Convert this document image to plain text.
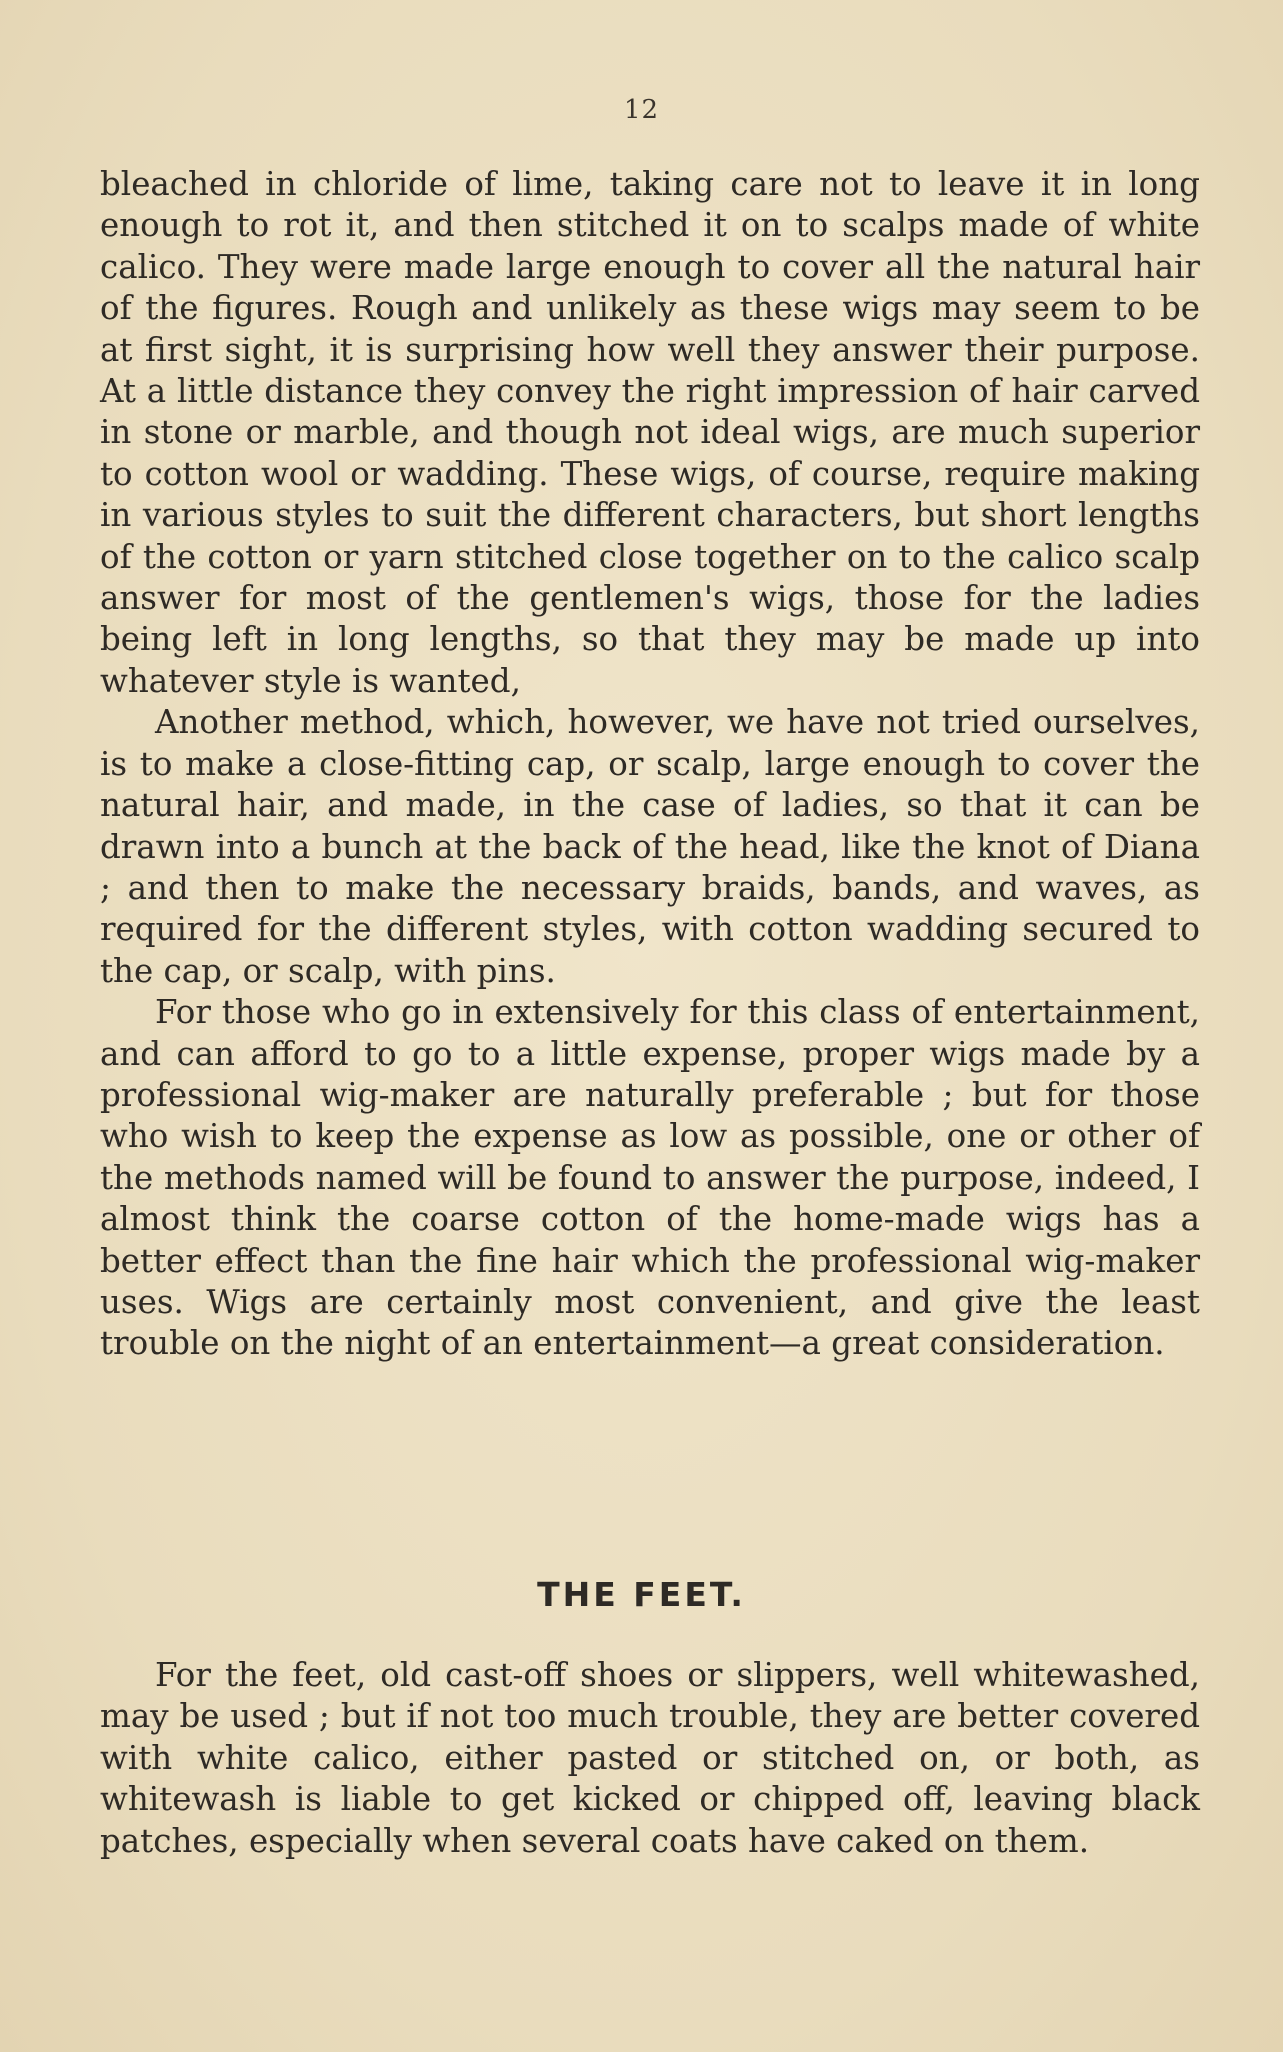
12

bleached in chloride of lime, taking care not to leave it in long enough to rot it, and then stitched it on to scalps made of white calico. They were made large enough to cover all the natural hair of the figures. Rough and unlikely as these wigs may seem to be at first sight, it is surprising how well they answer their purpose. At a little distance they convey the right impression of hair carved in stone or marble, and though not ideal wigs, are much superior to cotton wool or wadding. These wigs, of course, require making in various styles to suit the different characters, but short lengths of the cotton or yarn stitched close together on to the calico scalp answer for most of the gentlemen's wigs, those for the ladies being left in long lengths, so that they may be made up into whatever style is wanted,

Another method, which, however, we have not tried ourselves, is to make a close-fitting cap, or scalp, large enough to cover the natural hair, and made, in the case of ladies, so that it can be drawn into a bunch at the back of the head, like the knot of Diana ; and then to make the necessary braids, bands, and waves, as required for the different styles, with cotton wadding secured to the cap, or scalp, with pins.

For those who go in extensively for this class of entertainment, and can afford to go to a little expense, proper wigs made by a professional wig-maker are naturally preferable ; but for those who wish to keep the expense as low as possible, one or other of the methods named will be found to answer the purpose, indeed, I almost think the coarse cotton of the home-made wigs has a better effect than the fine hair which the professional wig-maker uses. Wigs are certainly most convenient, and give the least trouble on the night of an entertainment—a great consideration.

THE FEET.

For the feet, old cast-off shoes or slippers, well whitewashed, may be used ; but if not too much trouble, they are better covered with white calico, either pasted or stitched on, or both, as whitewash is liable to get kicked or chipped off, leaving black patches, especially when several coats have caked on them.
